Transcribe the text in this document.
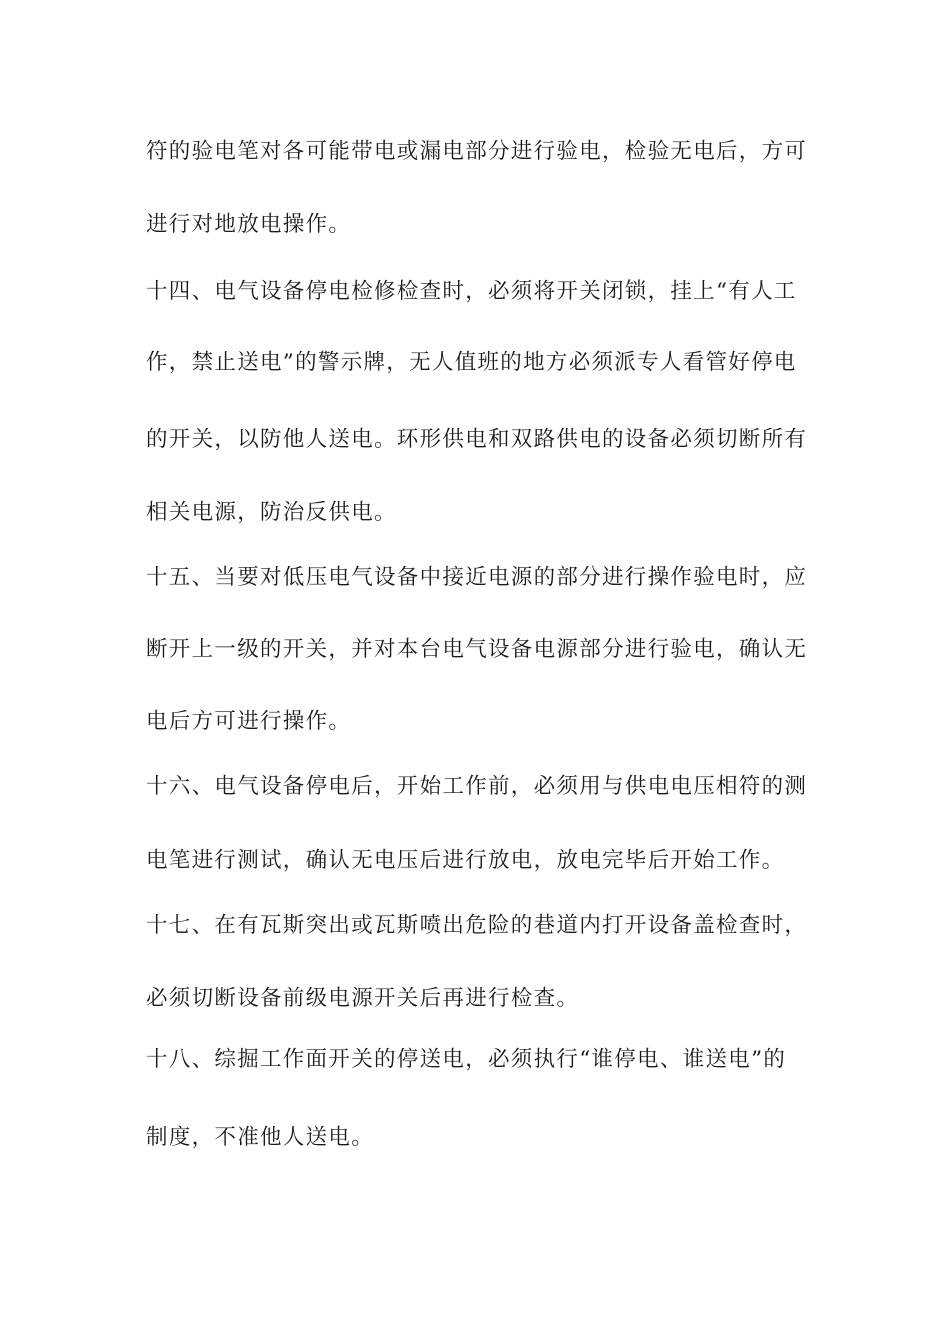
符的验电笔对各可能带电或漏电部分进行验电，检验无电后，方可
进行对地放电操作。
十四、电气设备停电检修检查时，必须将开关闭锁，挂上“有人工
作，禁止送电”的警示牌，无人值班的地方必须派专人看管好停电
的开关，以防他人送电。环形供电和双路供电的设备必须切断所有
相关电源，防治反供电。
十五、当要对低压电气设备中接近电源的部分进行操作验电时，应
断开上一级的开关，并对本台电气设备电源部分进行验电，确认无
电后方可进行操作。
十六、电气设备停电后，开始工作前，必须用与供电电压相符的测
电笔进行测试，确认无电压后进行放电，放电完毕后开始工作。
十七、在有瓦斯突出或瓦斯喷出危险的巷道内打开设备盖检查时，
必须切断设备前级电源开关后再进行检查。
十八、综掘工作面开关的停送电，必须执行“谁停电、谁送电”的
制度，不准他人送电。
